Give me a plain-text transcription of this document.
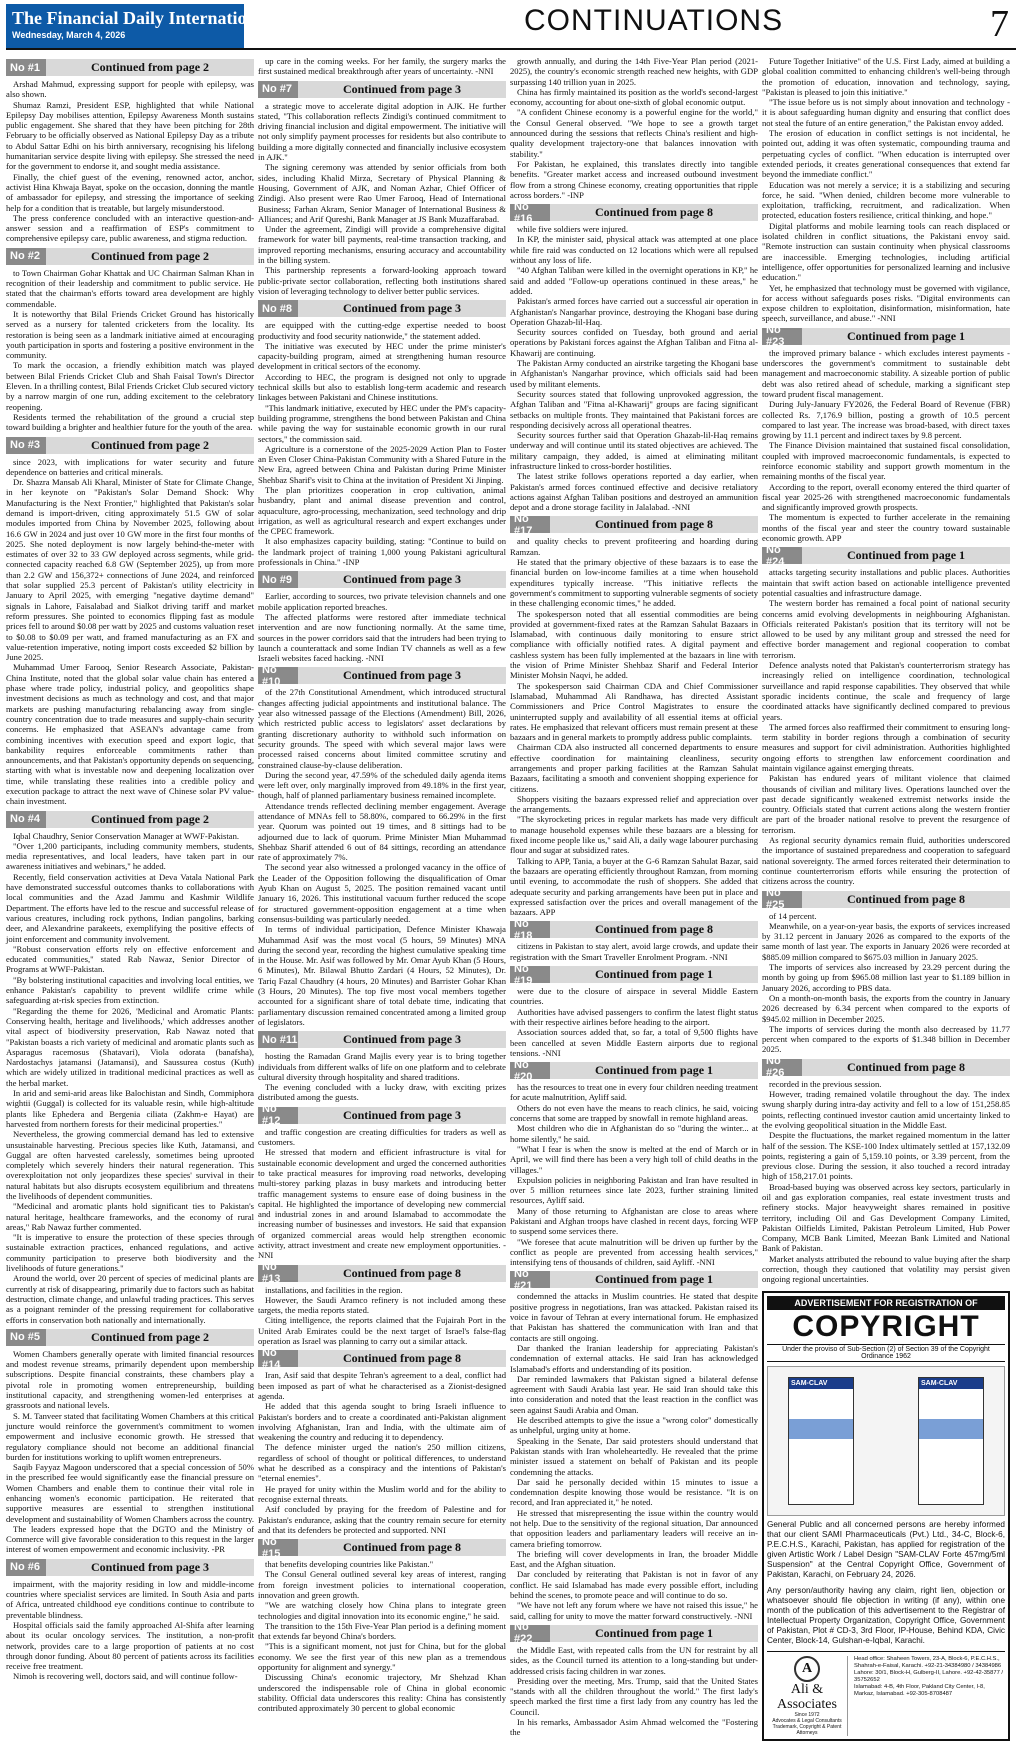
The Financial Daily International
Wednesday, March 4, 2026	CONTINUATIONS	7
No #1	Continued from page 2

Arshad Mahmud, expressing support for people with epilepsy, was also shown.

Shumaz Ramzi, President ESP, highlighted that while National Epilepsy Day mobilises attention, Epilepsy Awareness Month sustains public engagement. She shared that they have been pitching for 28th February to be officially observed as National Epilepsy Day as a tribute to Abdul Sattar Edhi on his birth anniversary, recognising his lifelong humanitarian service despite living with epilepsy. She stressed the need for the government to endorse it, and sought media assistance.

Finally, the chief guest of the evening, renowned actor, anchor, activist Hina Khwaja Bayat, spoke on the occasion, donning the mantle of ambassador for epilepsy, and stressing the importance of seeking help for a condition that is treatable, but largely misunderstood.

The press conference concluded with an interactive question-and-answer session and a reaffirmation of ESP's commitment to comprehensive epilepsy care, public awareness, and stigma reduction.

No #2	Continued from page 2

to Town Chairman Gohar Khattak and UC Chairman Salman Khan in recognition of their leadership and commitment to public service. He stated that the chairman's efforts toward area development are highly commendable.

It is noteworthy that Bilal Friends Cricket Ground has historically served as a nursery for talented cricketers from the locality. Its restoration is being seen as a landmark initiative aimed at encouraging youth participation in sports and fostering a positive environment in the community.

To mark the occasion, a friendly exhibition match was played between Bilal Friends Cricket Club and Shah Faisal Town's Director Eleven. In a thrilling contest, Bilal Friends Cricket Club secured victory by a narrow margin of one run, adding excitement to the celebratory reopening.

Residents termed the rehabilitation of the ground a crucial step toward building a brighter and healthier future for the youth of the area.

No #3	Continued from page 2

since 2023, with implications for water security and future dependence on batteries and critical minerals.

Dr. Shazra Mansab Ali Kharal, Minister of State for Climate Change, in her keynote on "Pakistan's Solar Demand Shock: Why Manufacturing is the Next Frontier," highlighted that Pakistan's solar demand is import-driven, citing approximately 51.5 GW of solar modules imported from China by November 2025, following about 16.6 GW in 2024 and just over 10 GW more in the first four months of 2025. She noted deployment is now largely behind-the-meter with estimates of over 32 to 33 GW deployed across segments, while grid-connected capacity reached 6.8 GW (September 2025), up from more than 2.2 GW and 156,372+ connections of June 2024, and reinforced that solar supplied 25.3 percent of Pakistan's utility electricity in January to April 2025, with emerging "negative daytime demand" signals in Lahore, Faisalabad and Sialkot driving tariff and market reform pressures. She pointed to economics flipping fast as module prices fell to around $0.08 per watt by 2025 and customs valuation reset to $0.08 to $0.09 per watt, and framed manufacturing as an FX and value-retention imperative, noting import costs exceeded $2 billion by June 2025.

Muhammad Umer Farooq, Senior Research Associate, Pakistan-China Institute, noted that the global solar value chain has entered a phase where trade policy, industrial policy, and geopolitics shape investment decisions as much as technology and cost, and that major markets are pushing manufacturing rebalancing away from single-country concentration due to trade measures and supply-chain security concerns. He emphasized that ASEAN's advantage came from combining incentives with execution speed and export logic, that bankability requires enforceable commitments rather than announcements, and that Pakistan's opportunity depends on sequencing, starting with what is investable now and deepening localization over time, while translating these realities into a credible policy and execution package to attract the next wave of Chinese solar PV value-chain investment.

No #4	Continued from page 2

Iqbal Chaudhry, Senior Conservation Manager at WWF-Pakistan.

"Over 1,200 participants, including community members, students, media representatives, and local leaders, have taken part in our awareness initiatives and webinars," he added.

Recently, field conservation activities at Deva Vatala National Park have demonstrated successful outcomes thanks to collaborations with local communities and the Azad Jammu and Kashmir Wildlife Department. The efforts have led to the rescue and successful release of various creatures, including rock pythons, Indian pangolins, barking deer, and Alexandrine parakeets, exemplifying the positive effects of joint enforcement and community involvement.

"Robust conservation efforts rely on effective enforcement and educated communities," stated Rab Nawaz, Senior Director of Programs at WWF-Pakistan.

"By bolstering institutional capacities and involving local entities, we enhance Pakistan's capability to prevent wildlife crime while safeguarding at-risk species from extinction.

"Regarding the theme for 2026, 'Medicinal and Aromatic Plants: Conserving health, heritage and livelihoods,' which addresses another vital aspect of biodiversity preservation, Rab Nawaz noted that "Pakistan boasts a rich variety of medicinal and aromatic plants such as Asparagus racemosus (Shatavari), Viola odorata (banafsha), Nardostachys jatamansi (Jatamansi), and Saussurea costus (Kuth) which are widely utilized in traditional medicinal practices as well as the herbal market.

In arid and semi-arid areas like Balochistan and Sindh, Commiphora wightii (Guggal) is collected for its valuable resin, while high-altitude plants like Ephedera and Bergenia ciliata (Zakhm-e Hayat) are harvested from northern forests for their medicinal properties."

Nevertheless, the growing commercial demand has led to extensive unsustainable harvesting. Precious species like Kuth, Jatamansi, and Guggal are often harvested carelessly, sometimes being uprooted completely which severely hinders their natural regeneration. This overexploitation not only jeopardizes these species' survival in their natural habitats but also disrupts ecosystem equilibrium and threatens the livelihoods of dependent communities.

"Medicinal and aromatic plants hold significant ties to Pakistan's natural heritage, healthcare frameworks, and the economy of rural areas," Rab Nawaz further commented.

"It is imperative to ensure the protection of these species through sustainable extraction practices, enhanced regulations, and active community participation to preserve both biodiversity and the livelihoods of future generations."

Around the world, over 20 percent of species of medicinal plants are currently at risk of disappearing, primarily due to factors such as habitat destruction, climate change, and unlawful trading practices. This serves as a poignant reminder of the pressing requirement for collaborative efforts in conservation both nationally and internationally.

No #5	Continued from page 2

Women Chambers generally operate with limited financial resources and modest revenue streams, primarily dependent upon membership subscriptions. Despite financial constraints, these chambers play a pivotal role in promoting women entrepreneurship, building institutional capacity, and strengthening women-led enterprises at grassroots and national levels.

S. M. Tanveer stated that facilitating Women Chambers at this critical juncture would reinforce the government's commitment to women empowerment and inclusive economic growth. He stressed that regulatory compliance should not become an additional financial burden for institutions working to uplift women entrepreneurs.

Saqib Fayyaz Magoon underscored that a special concession of 50% in the prescribed fee would significantly ease the financial pressure on Women Chambers and enable them to continue their vital role in enhancing women's economic participation. He reiterated that supportive measures are essential to strengthen institutional development and sustainability of Women Chambers across the country.

The leaders expressed hope that the DGTO and the Ministry of Commerce will give favorable consideration to this request in the larger interest of women empowerment and economic inclusivity. -PR

No #6	Continued from page 3

impairment, with the majority residing in low and middle-income countries where specialist services are limited. In South Asia and parts of Africa, untreated childhood eye conditions continue to contribute to preventable blindness.

Hospital officials said the family approached Al-Shifa after learning about its ocular oncology services. The institution, a non-profit network, provides care to a large proportion of patients at no cost through donor funding. About 80 percent of patients across its facilities receive free treatment.

Nimoh is recovering well, doctors said, and will continue follow-

up care in the coming weeks. For her family, the surgery marks the first sustained medical breakthrough after years of uncertainty. -NNI

No #7	Continued from page 3

a strategic move to accelerate digital adoption in AJK. He further stated, "This collaboration reflects Zindigi's continued commitment to driving financial inclusion and digital empowerment. The initiative will not only simplify payment processes for residents but also contribute to building a more digitally connected and financially inclusive ecosystem in AJK."

The signing ceremony was attended by senior officials from both sides, including Khalid Mirza, Secretary of Physical Planning & Housing, Government of AJK, and Noman Azhar, Chief Officer of Zindigi. Also present were Rao Umer Farooq, Head of International Business; Farhan Akram, Senior Manager of International Business & Alliances; and Arif Qureshi, Bank Manager at JS Bank Muzaffarabad.

Under the agreement, Zindigi will provide a comprehensive digital framework for water bill payments, real-time transaction tracking, and improved reporting mechanisms, ensuring accuracy and accountability in the billing system.

This partnership represents a forward-looking approach toward public-private sector collaboration, reflecting both institutions shared vision of leveraging technology to deliver better public services.

No #8	Continued from page 3

are equipped with the cutting-edge expertise needed to boost productivity and food security nationwide," the statement added.

The initiative was executed by HEC under the prime minister's capacity-building program, aimed at strengthening human resource development in critical sectors of the economy.

According to HEC, the program is designed not only to upgrade technical skills but also to establish long-term academic and research linkages between Pakistani and Chinese institutions.

"This landmark initiative, executed by HEC under the PM's capacity-building programme, strengthens the bond between Pakistan and China while paving the way for sustainable economic growth in our rural sectors," the commission said.

Agriculture is a cornerstone of the 2025-2029 Action Plan to Foster an Even Closer China-Pakistan Community with a Shared Future in the New Era, agreed between China and Pakistan during Prime Minister Shehbaz Sharif's visit to China at the invitation of President Xi Jinping.

The plan prioritizes cooperation in crop cultivation, animal husbandry, plant and animal disease prevention and control, aquaculture, agro-processing, mechanization, seed technology and drip irrigation, as well as agricultural research and expert exchanges under the CPEC framework.

It also emphasizes capacity building, stating: "Continue to build on the landmark project of training 1,000 young Pakistani agricultural professionals in China." -INP

No #9	Continued from page 3

Earlier, according to sources, two private television channels and one mobile application reported breaches.

The affected platforms were restored after immediate technical intervention and are now functioning normally. At the same time, sources in the power corridors said that the intruders had been trying to launch a counterattack and some Indian TV channels as well as a few Israeli websites faced hacking. -NNI

No #10	Continued from page 3

of the 27th Constitutional Amendment, which introduced structural changes affecting judicial appointments and institutional balance. The year also witnessed passage of the Elections (Amendment) Bill, 2026, which restricted public access to legislators' asset declarations by granting discretionary authority to withhold such information on security grounds. The speed with which several major laws were processed raised concerns about limited committee scrutiny and constrained clause-by-clause deliberation.

During the second year, 47.59% of the scheduled daily agenda items were left over, only marginally improved from 49.18% in the first year, though, half of planned parliamentary business remained incomplete.

Attendance trends reflected declining member engagement. Average attendance of MNAs fell to 58.80%, compared to 66.29% in the first year. Quorum was pointed out 19 times, and 8 sittings had to be adjourned due to lack of quorum. Prime Minister Mian Muhammad Shehbaz Sharif attended 6 out of 84 sittings, recording an attendance rate of approximately 7%.

The second year also witnessed a prolonged vacancy in the office of the Leader of the Opposition following the disqualification of Omar Ayub Khan on August 5, 2025. The position remained vacant until January 16, 2026. This institutional vacuum further reduced the scope for structured government-opposition engagement at a time when consensus-building was particularly needed.

In terms of individual participation, Defence Minister Khawaja Muhammad Asif was the most vocal (5 hours, 59 Minutes) MNA during the second year, recording the highest cumulative speaking time in the House. Mr. Asif was followed by Mr. Omar Ayub Khan (5 Hours, 6 Minutes), Mr. Bilawal Bhutto Zardari (4 Hours, 52 Minutes), Dr. Tariq Fazal Chaudhry (4 hours, 20 Minutes) and Barrister Gohar Khan (3 Hours, 20 Minutes). The top five most vocal members together accounted for a significant share of total debate time, indicating that parliamentary discussion remained concentrated among a limited group of legislators.

No #11	Continued from page 3

hosting the Ramadan Grand Majlis every year is to bring together individuals from different walks of life on one platform and to celebrate cultural diversity through hospitality and shared traditions.

The evening concluded with a lucky draw, with exciting prizes distributed among the guests.

No #12	Continued from page 3

and traffic congestion are creating difficulties for traders as well as customers.

He stressed that modern and efficient infrastructure is vital for sustainable economic development and urged the concerned authorities to take practical measures for improving road networks, developing multi-storey parking plazas in busy markets and introducing better traffic management systems to ensure ease of doing business in the capital. He highlighted the importance of developing new commercial and industrial zones in and around Islamabad to accommodate the increasing number of businesses and investors. He said that expansion of organized commercial areas would help strengthen economic activity, attract investment and create new employment opportunities. -NNI

No #13	Continued from page 8

installations, and facilities in the region.

However, the Saudi Aramco refinery is not included among these targets, the media reports stated.

Citing intelligence, the reports claimed that the Fujairah Port in the United Arab Emirates could be the next target of Israel's false-flag operation as Israel was planning to carry out a similar attack.

No #14	Continued from page 8

Iran, Asif said that despite Tehran's agreement to a deal, conflict had been imposed as part of what he characterised as a Zionist-designed agenda.

He added that this agenda sought to bring Israeli influence to Pakistan's borders and to create a coordinated anti-Pakistan alignment involving Afghanistan, Iran and India, with the ultimate aim of weakening the country and reducing it to dependency.

The defence minister urged the nation's 250 million citizens, regardless of school of thought or political differences, to understand what he described as a conspiracy and the intentions of Pakistan's "eternal enemies".

He prayed for unity within the Muslim world and for the ability to recognise external threats.

Asif concluded by praying for the freedom of Palestine and for Pakistan's endurance, asking that the country remain secure for eternity and that its defenders be protected and supported. NNI

No #15	Continued from page 8

that benefits developing countries like Pakistan."

The Consul General outlined several key areas of interest, ranging from foreign investment policies to international cooperation, innovation and green growth.

"We are watching closely how China plans to integrate green technologies and digital innovation into its economic engine," he said.

The transition to the 15th Five-Year Plan period is a defining moment that extends far beyond China's borders.

"This is a significant moment, not just for China, but for the global economy. We see the first year of this new plan as a tremendous opportunity for alignment and synergy."

Discussing China's economic trajectory, Mr Shehzad Khan underscored the indispensable role of China in global economic stability. Official data underscores this reality: China has consistently contributed approximately 30 percent to global economic

growth annually, and during the 14th Five-Year Plan period (2021-2025), the country's economic strength reached new heights, with GDP surpassing 140 trillion yuan in 2025.

China has firmly maintained its position as the world's second-largest economy, accounting for about one-sixth of global economic output.

"A confident Chinese economy is a powerful engine for the world," the Consul General observed. "We hope to see a growth target announced during the sessions that reflects China's resilient and high-quality development trajectory-one that balances innovation with stability."

For Pakistan, he explained, this translates directly into tangible benefits. "Greater market access and increased outbound investment flow from a strong Chinese economy, creating opportunities that ripple across borders." -INP

No #16	Continued from page 8

while five soldiers were injured.

In KP, the minister said, physical attack was attempted at one place while fire raid was conducted on 12 locations which were all repulsed without any loss of life.

"40 Afghan Taliban were killed in the overnight operations in KP," he said and added "Follow-up operations continued in these areas," he added.

Pakistan's armed forces have carried out a successful air operation in Afghanistan's Nangarhar province, destroying the Khogani base during Operation Ghazab-lil-Haq.

Security sources confided on Tuesday, both ground and aerial operations by Pakistani forces against the Afghan Taliban and Fitna al-Khawarij are continuing.

The Pakistan Army conducted an airstrike targeting the Khogani base in Afghanistan's Nangarhar province, which officials said had been used by militant elements.

Security sources stated that following unprovoked aggression, the Afghan Taliban and "Fitna al-Khawarij" groups are facing significant setbacks on multiple fronts. They maintained that Pakistani forces are responding decisively across all operational theatres.

Security sources further said that Operation Ghazab-lil-Haq remains underway and will continue until its stated objectives are achieved. The military campaign, they added, is aimed at eliminating militant infrastructure linked to cross-border hostilities.

The latest strike follows operations reported a day earlier, when Pakistan's armed forces continued effective and decisive retaliatory actions against Afghan Taliban positions and destroyed an ammunition depot and a drone storage facility in Jalalabad. -NNI

No #17	Continued from page 8

and quality checks to prevent profiteering and hoarding during Ramzan.

He stated that the primary objective of these bazaars is to ease the financial burden on low-income families at a time when household expenditures typically increase. "This initiative reflects the government's commitment to supporting vulnerable segments of society in these challenging economic times," he added.

The spokesperson noted that all essential commodities are being provided at government-fixed rates at the Ramzan Sahulat Bazaars in Islamabad, with continuous daily monitoring to ensure strict compliance with officially notified rates. A digital payment and cashless system has been fully implemented at the bazaars in line with the vision of Prime Minister Shehbaz Sharif and Federal Interior Minister Mohsin Naqvi, he added.

The spokesperson said Chairman CDA and Chief Commissioner Islamabad, Muhammad Ali Randhawa, has directed Assistant Commissioners and Price Control Magistrates to ensure the uninterrupted supply and availability of all essential items at official rates. He emphasized that relevant officers must remain present at these bazaars and in general markets to promptly address public complaints.

Chairman CDA also instructed all concerned departments to ensure effective coordination for maintaining cleanliness, security arrangements and proper parking facilities at the Ramzan Sahulat Bazaars, facilitating a smooth and convenient shopping experience for citizens.

Shoppers visiting the bazaars expressed relief and appreciation over the arrangements.

"The skyrocketing prices in regular markets has made very difficult to manage household expenses while these bazaars are a blessing for fixed income people like us," said Ali, a daily wage labourer purchasing flour and sugar at subsidized rates.

Talking to APP, Tania, a buyer at the G-6 Ramzan Sahulat Bazar, said the bazaars are operating efficiently throughout Ramzan, from morning until evening, to accommodate the rush of shoppers. She added that adequate security and parking arrangements have been put in place and expressed satisfaction over the prices and overall management of the bazaars. APP

No #18	Continued from page 8

citizens in Pakistan to stay alert, avoid large crowds, and update their registration with the Smart Traveller Enrolment Program. -NNI

No #19	Continued from page 1

were due to the closure of airspace in several Middle Eastern countries.

Authorities have advised passengers to confirm the latest flight status with their respective airlines before heading to the airport.

Association sources added that, so far, a total of 9,500 flights have been cancelled at seven Middle Eastern airports due to regional tensions. -NNI

No #20	Continued from page 1

has the resources to treat one in every four children needing treatment for acute malnutrition, Ayliff said.

Others do not even have the means to reach clinics, he said, voicing concerns that some are trapped by snowfall in remote highland areas.

Most children who die in Afghanistan do so "during the winter... at home silently," he said.

"What I fear is when the snow is melted at the end of March or in April, we will find there has been a very high toll of child deaths in the villages."

Expulsion policies in neighboring Pakistan and Iran have resulted in over 5 million returnees since late 2023, further straining limited resources, Ayliff said.

Many of those returning to Afghanistan are close to areas where Pakistani and Afghan troops have clashed in recent days, forcing WFP to suspend some services there.

"We foresee that acute malnutrition will be driven up further by the conflict as people are prevented from accessing health services," intensifying tens of thousands of children, said Ayliff. -NNI

No #21	Continued from page 1

condemned the attacks in Muslim countries. He stated that despite positive progress in negotiations, Iran was attacked. Pakistan raised its voice in favour of Tehran at every international forum. He emphasized that Pakistan has shattered the communication with Iran and that contacts are still ongoing.

Dar thanked the Iranian leadership for appreciating Pakistan's condemnation of external attacks. He said Iran has acknowledged Islamabad's efforts and understanding of its position.

Dar reminded lawmakers that Pakistan signed a bilateral defense agreement with Saudi Arabia last year. He said Iran should take this into consideration and noted that the least reaction in the conflict was seen against Saudi Arabia and Oman.

He described attempts to give the issue a "wrong color" domestically as unhelpful, urging unity at home.

Speaking in the Senate, Dar said protesters should understand that Pakistan stands with Iran wholeheartedly. He revealed that the prime minister issued a statement on behalf of Pakistan and its people condemning the attacks.

Dar said he personally decided within 15 minutes to issue a condemnation despite knowing those would be resistance. "It is on record, and Iran appreciated it," he noted.

He stressed that misrepresenting the issue within the country would not help. Due to the sensitivity of the regional situation, Dar announced that opposition leaders and parliamentary leaders will receive an in-camera briefing tomorrow.

The briefing will cover developments in Iran, the broader Middle East, and the Afghan situation.

Dar concluded by reiterating that Pakistan is not in favor of any conflict. He said Islamabad has made every possible effort, including behind the scenes, to promote peace and will continue to do so.

"We have not left any forum where we have not raised this issue," he said, calling for unity to move the matter forward constructively. -NNI

No #22	Continued from page 1

the Middle East, with repeated calls from the UN for restraint by all sides, as the Council turned its attention to a long-standing but under-addressed crisis facing children in war zones.

Presiding over the meeting, Mrs. Trump, said that the United States "stands with all the children throughout the world." The first lady's speech marked the first time a first lady from any country has led the Council.

In his remarks, Ambassador Asim Ahmad welcomed the "Fostering the

Future Together Initiative" of the U.S. First Lady, aimed at building a global coalition committed to enhancing children's well-being through the promotion of education, innovation and technology, saying, "Pakistan is pleased to join this initiative."

"The issue before us is not simply about innovation and technology - it is about safeguarding human dignity and ensuring that conflict does not steal the future of an entire generation," the Pakistan envoy added.

The erosion of education in conflict settings is not incidental, he pointed out, adding it was often systematic, compounding trauma and perpetuating cycles of conflict. "When education is interrupted over extended periods, it creates generational consequences that extend far beyond the immediate conflict."

Education was not merely a service; it is a stabilizing and securing force, he said. "When denied, children become more vulnerable to exploitation, trafficking, recruitment, and radicalization. When protected, education fosters resilience, critical thinking, and hope."

Digital platforms and mobile learning tools can reach displaced or isolated children in conflict situations, the Pakistani envoy said. "Remote instruction can sustain continuity when physical classrooms are inaccessible. Emerging technologies, including artificial intelligence, offer opportunities for personalized learning and inclusive education."

Yet, he emphasized that technology must be governed with vigilance, for access without safeguards poses risks. "Digital environments can expose children to exploitation, disinformation, misinformation, hate speech, surveillance, and abuse." -NNI

No #23	Continued from page 1

the improved primary balance - which excludes interest payments - underscores the government's commitment to sustainable debt management and macroeconomic stability. A sizeable portion of public debt was also retired ahead of schedule, marking a significant step toward prudent fiscal management.

During July-January FY2026, the Federal Board of Revenue (FBR) collected Rs. 7,176.9 billion, posting a growth of 10.5 percent compared to last year. The increase was broad-based, with direct taxes growing by 11.1 percent and indirect taxes by 9.8 percent.

The Finance Division maintained that sustained fiscal consolidation, coupled with improved macroeconomic fundamentals, is expected to reinforce economic stability and support growth momentum in the remaining months of the fiscal year.

According to the report, overall economy entered the third quarter of fiscal year 2025-26 with strengthened macroeconomic fundamentals and significantly improved growth prospects.

The momentum is expected to further accelerate in the remaining months of the fiscal year and steer the country toward sustainable economic growth. APP

No #24	Continued from page 1

attacks targeting security installations and public places. Authorities maintain that swift action based on actionable intelligence prevented potential casualties and infrastructure damage.

The western border has remained a focal point of national security concerns amid evolving developments in neighbouring Afghanistan. Officials reiterated Pakistan's position that its territory will not be allowed to be used by any militant group and stressed the need for effective border management and regional cooperation to combat terrorism.

Defence analysts noted that Pakistan's counterterrorism strategy has increasingly relied on intelligence coordination, technological surveillance and rapid response capabilities. They observed that while sporadic incidents continue, the scale and frequency of large coordinated attacks have significantly declined compared to previous years.

The armed forces also reaffirmed their commitment to ensuring long-term stability in border regions through a combination of security measures and support for civil administration. Authorities highlighted ongoing efforts to strengthen law enforcement coordination and maintain vigilance against emerging threats.

Pakistan has endured years of militant violence that claimed thousands of civilian and military lives. Operations launched over the past decade significantly weakened extremist networks inside the country. Officials stated that current actions along the western frontier are part of the broader national resolve to prevent the resurgence of terrorism.

As regional security dynamics remain fluid, authorities underscored the importance of sustained preparedness and cooperation to safeguard national sovereignty. The armed forces reiterated their determination to continue counterterrorism efforts while ensuring the protection of citizens across the country.

No #25	Continued from page 8

of 14 percent.

Meanwhile, on a year-on-year basis, the exports of services increased by 31.12 percent in January 2026 as compared to the exports of the same month of last year. The exports in January 2026 were recorded at $885.09 million compared to $675.03 million in January 2025.

The imports of services also increased by 23.29 percent during the month by going up from $965.08 million last year to $1.189 billion in January 2026, according to PBS data.

On a month-on-month basis, the exports from the country in January 2026 decreased by 6.34 percent when compared to the exports of $945.02 million in December 2025.

The imports of services during the month also decreased by 11.77 percent when compared to the exports of $1.348 billion in December 2025.

No #26	Continued from page 8

recorded in the previous session.

However, trading remained volatile throughout the day. The index swung sharply during intra-day activity and fell to a low of 151,258.85 points, reflecting continued investor caution amid uncertainty linked to the evolving geopolitical situation in the Middle East.

Despite the fluctuations, the market regained momentum in the latter half of the session. The KSE-100 Index ultimately settled at 157,132.09 points, registering a gain of 5,159.10 points, or 3.39 percent, from the previous close. During the session, it also touched a record intraday high of 158,217.01 points.

Broad-based buying was observed across key sectors, particularly in oil and gas exploration companies, real estate investment trusts and refinery stocks. Major heavyweight shares remained in positive territory, including Oil and Gas Development Company Limited, Pakistan Oilfields Limited, Pakistan Petroleum Limited, Hub Power Company, MCB Bank Limited, Meezan Bank Limited and National Bank of Pakistan.

Market analysts attributed the rebound to value buying after the sharp correction, though they cautioned that volatility may persist given ongoing regional uncertainties.

ADVERTISEMENT FOR REGISTRATION OF
COPYRIGHT
Under the proviso of Sub-Section (2) of Section 39 of the Copyright Ordinance 1962
SAM-CLAV	SAM-CLAV
General Public and all concerned persons are hereby informed that our client SAMI Pharmaceuticals (Pvt.) Ltd., 34-C, Block-6, P.E.C.H.S., Karachi, Pakistan, has applied for registration of the given Artistic Work / Label Design "SAM-CLAV Forte 457mg/5ml Suspension" at the Central Copyright Office, Government of Pakistan, Karachi, on February 24, 2026.
Any person/authority having any claim, right lien, objection or whatsoever should file objection in writing (if any), within one month of the publication of this advertisement to the Registrar of Intellectual Property Organization, Copyright Office, Government of Pakistan, Plot # CD-3, 3rd Floor, IP-House, Behind KDA, Civic Center, Block-14, Gulshan-e-Iqbal, Karachi.
A
Ali & Associates
Since 1972
Advocates & Legal Consultants Trademark, Copyright & Patent Attorneys
Head office: Shaheen Towers, 23-A, Block-6, P.E.C.H.S., Shahrah-e-Faisal, Karachi. +92-21-34384980 / 34384986
Lahore: 30/1, Block-H, Gulberg-II, Lahore. +92-42-35877 / 35752652
Islamabad: 4-B, 4th Floor, Pakland City Center, I-8, Markaz, Islamabad. +92-305-8708487
